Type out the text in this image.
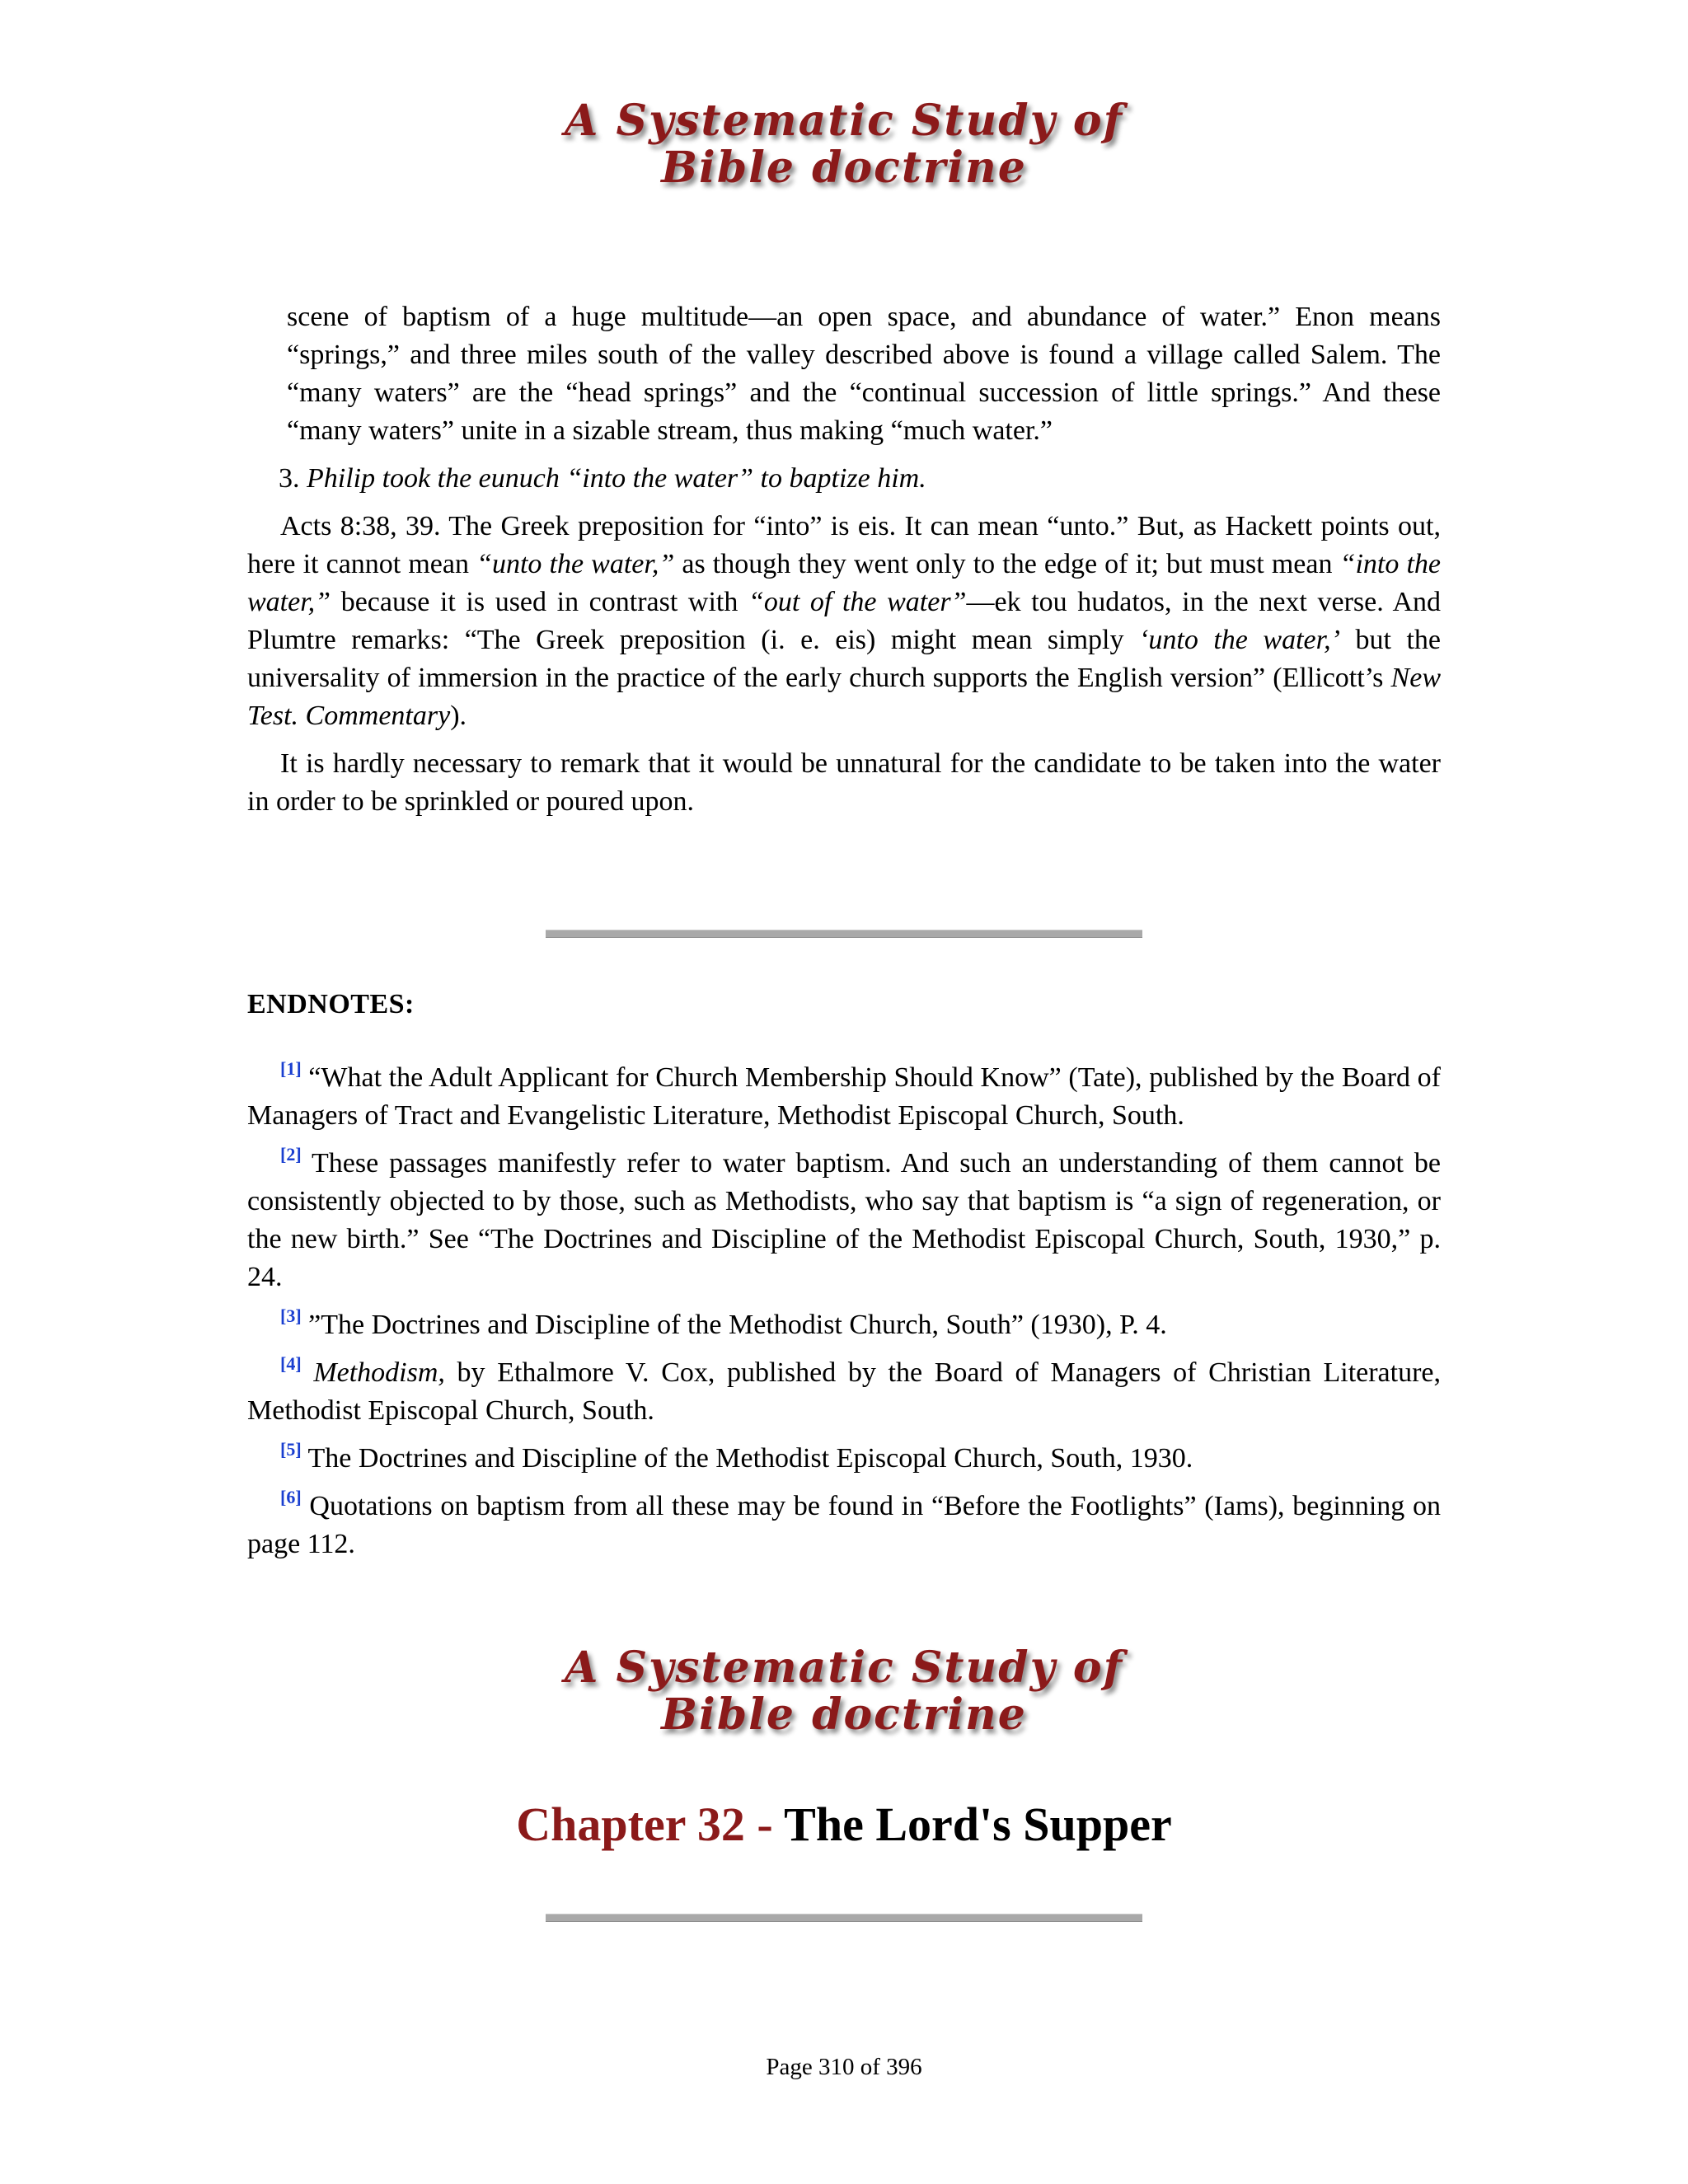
A Systematic Study of
Bible doctrine

scene of baptism of a huge multitude—an open space, and abundance of water.” Enon means “springs,” and three miles south of the valley described above is found a village called Salem. The “many waters” are the “head springs” and the “continual succession of little springs.” And these “many waters” unite in a sizable stream, thus making “much water.”

3. Philip took the eunuch “into the water” to baptize him.

Acts 8:38, 39. The Greek preposition for “into” is eis. It can mean “unto.” But, as Hackett points out, here it cannot mean “unto the water,” as though they went only to the edge of it; but must mean “into the water,” because it is used in contrast with “out of the water”—ek tou hudatos, in the next verse. And Plumtre remarks: “The Greek preposition (i. e. eis) might mean simply ‘unto the water,’ but the universality of immersion in the practice of the early church supports the English version” (Ellicott’s New Test. Commentary).

It is hardly necessary to remark that it would be unnatural for the candidate to be taken into the water in order to be sprinkled or poured upon.

ENDNOTES:

[1] “What the Adult Applicant for Church Membership Should Know” (Tate), published by the Board of Managers of Tract and Evangelistic Literature, Methodist Episcopal Church, South.

[2] These passages manifestly refer to water baptism. And such an understanding of them cannot be consistently objected to by those, such as Methodists, who say that baptism is “a sign of regeneration, or the new birth.” See “The Doctrines and Discipline of the Methodist Episcopal Church, South, 1930,” p. 24.

[3] ”The Doctrines and Discipline of the Methodist Church, South” (1930), P. 4.

[4] Methodism, by Ethalmore V. Cox, published by the Board of Managers of Christian Literature, Methodist Episcopal Church, South.

[5] The Doctrines and Discipline of the Methodist Episcopal Church, South, 1930.

[6] Quotations on baptism from all these may be found in “Before the Footlights” (Iams), beginning on page 112.

A Systematic Study of
Bible doctrine
Chapter 32 - The Lord's Supper
Page 310 of 396
